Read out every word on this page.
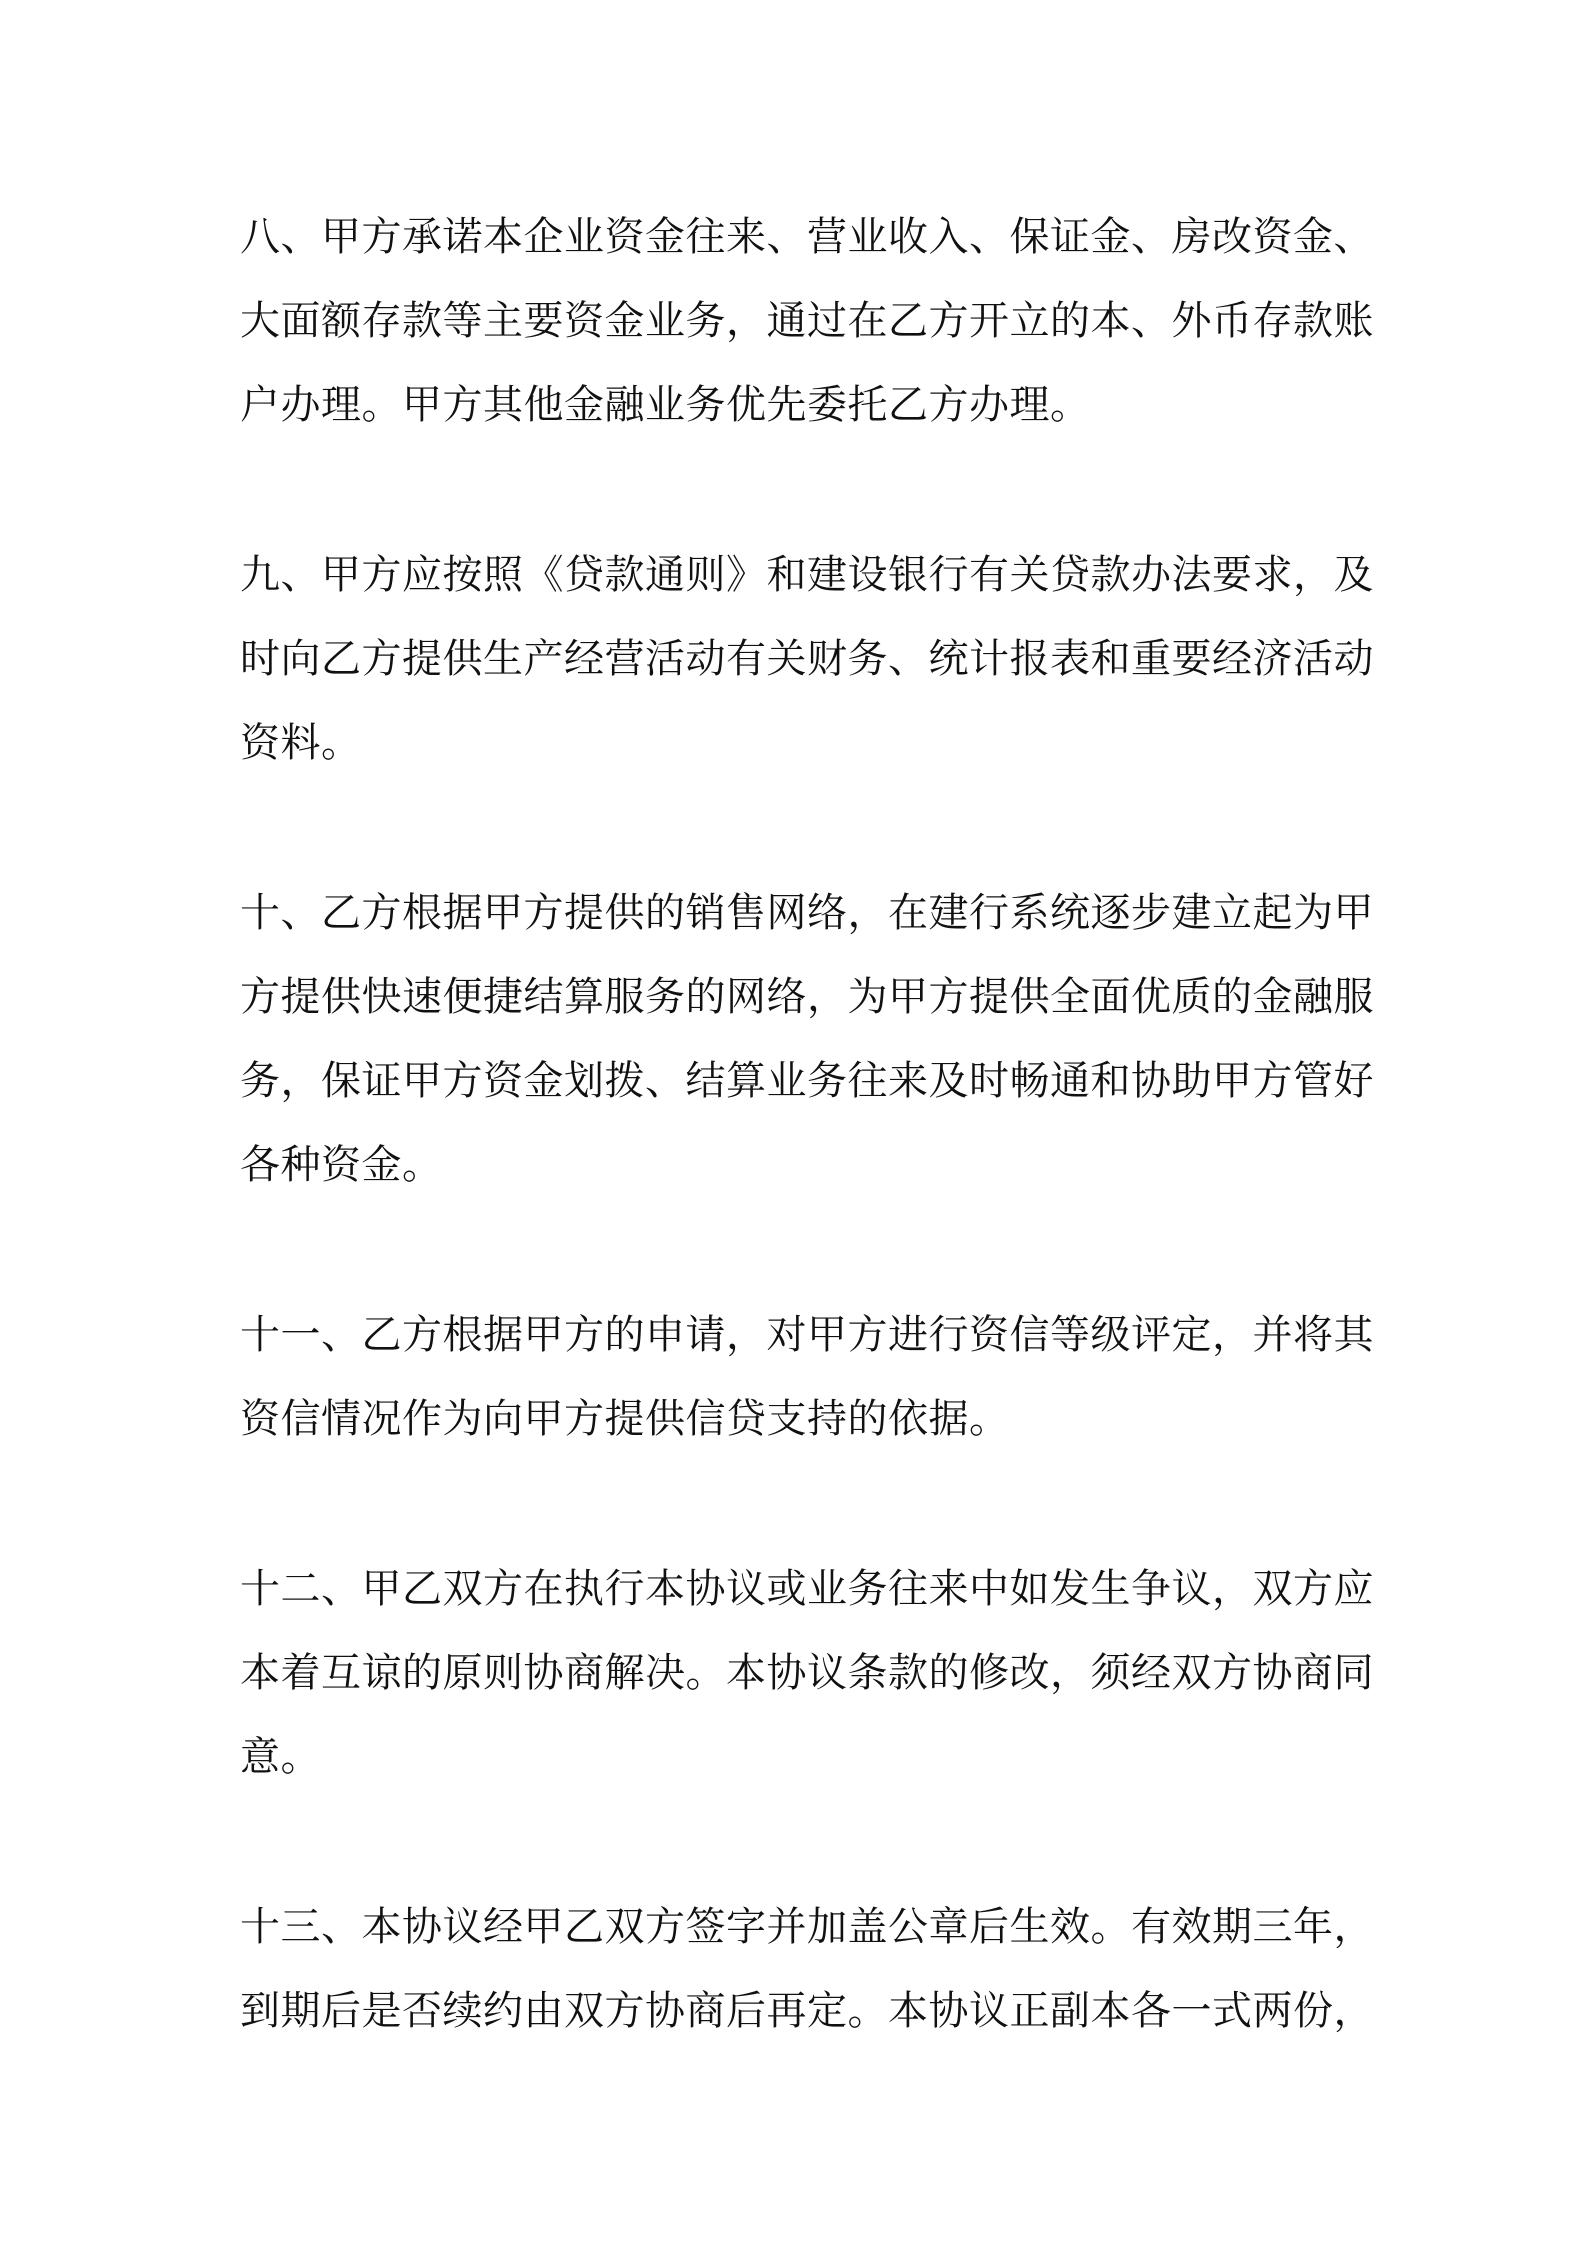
八、甲方承诺本企业资金往来、营业收入、保证金、房改资金、
大面额存款等主要资金业务，通过在乙方开立的本、外币存款账
户办理。甲方其他金融业务优先委托乙方办理。

九、甲方应按照《贷款通则》和建设银行有关贷款办法要求，及
时向乙方提供生产经营活动有关财务、统计报表和重要经济活动
资料。

十、乙方根据甲方提供的销售网络，在建行系统逐步建立起为甲
方提供快速便捷结算服务的网络，为甲方提供全面优质的金融服
务，保证甲方资金划拨、结算业务往来及时畅通和协助甲方管好
各种资金。

十一、乙方根据甲方的申请，对甲方进行资信等级评定，并将其
资信情况作为向甲方提供信贷支持的依据。

十二、甲乙双方在执行本协议或业务往来中如发生争议，双方应
本着互谅的原则协商解决。本协议条款的修改，须经双方协商同
意。

十三、本协议经甲乙双方签字并加盖公章后生效。有效期三年，
到期后是否续约由双方协商后再定。本协议正副本各一式两份，
